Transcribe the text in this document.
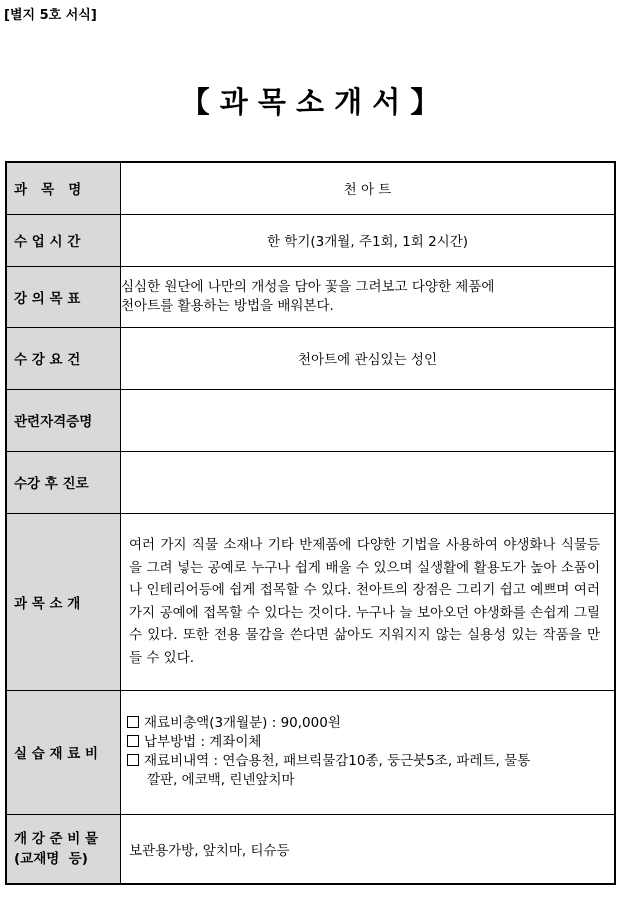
[별지 5호 서식]
【 과 목 소 개 서 】
과   목   명	천 아 트
수 업 시 간	한 학기(3개월, 주1회, 1회 2시간)
강 의 목 표	심심한 원단에 나만의 개성을 담아 꽃을 그려보고 다양한 제품에
천아트를 활용하는 방법을 배워본다.

수 강 요 건	천아트에 관심있는 성인
관련자격증명	
수강 후 진로	
과 목 소 개	여러 가지 직물 소재나 기타 반제품에 다양한 기법을 사용하여 야생화나 식물등을 그려 넣는 공예로 누구나 쉽게 배울 수 있으며 실생활에 활용도가 높아 소품이나 인테리어등에 쉽게 접목할 수 있다. 천아트의 장점은 그리기 쉽고 예쁘며 여러 가지 공예에 접목할 수 있다는 것이다. 누구나 늘 보아오던 야생화를 손쉽게 그릴 수 있다. 또한 전용 물감을 쓴다면 삶아도 지워지지 않는 실용성 있는 작품을 만들 수 있다.
실 습 재 료 비	재료비총액(3개월분) : 90,000원
납부방법 : 계좌이체
재료비내역 : 연습용천, 패브릭물감10종, 둥근붓5조, 파레트, 물통
깔판, 에코백, 린넨앞치마

개 강 준 비 물
(교재명  등)	보관용가방, 앞치마, 티슈등
